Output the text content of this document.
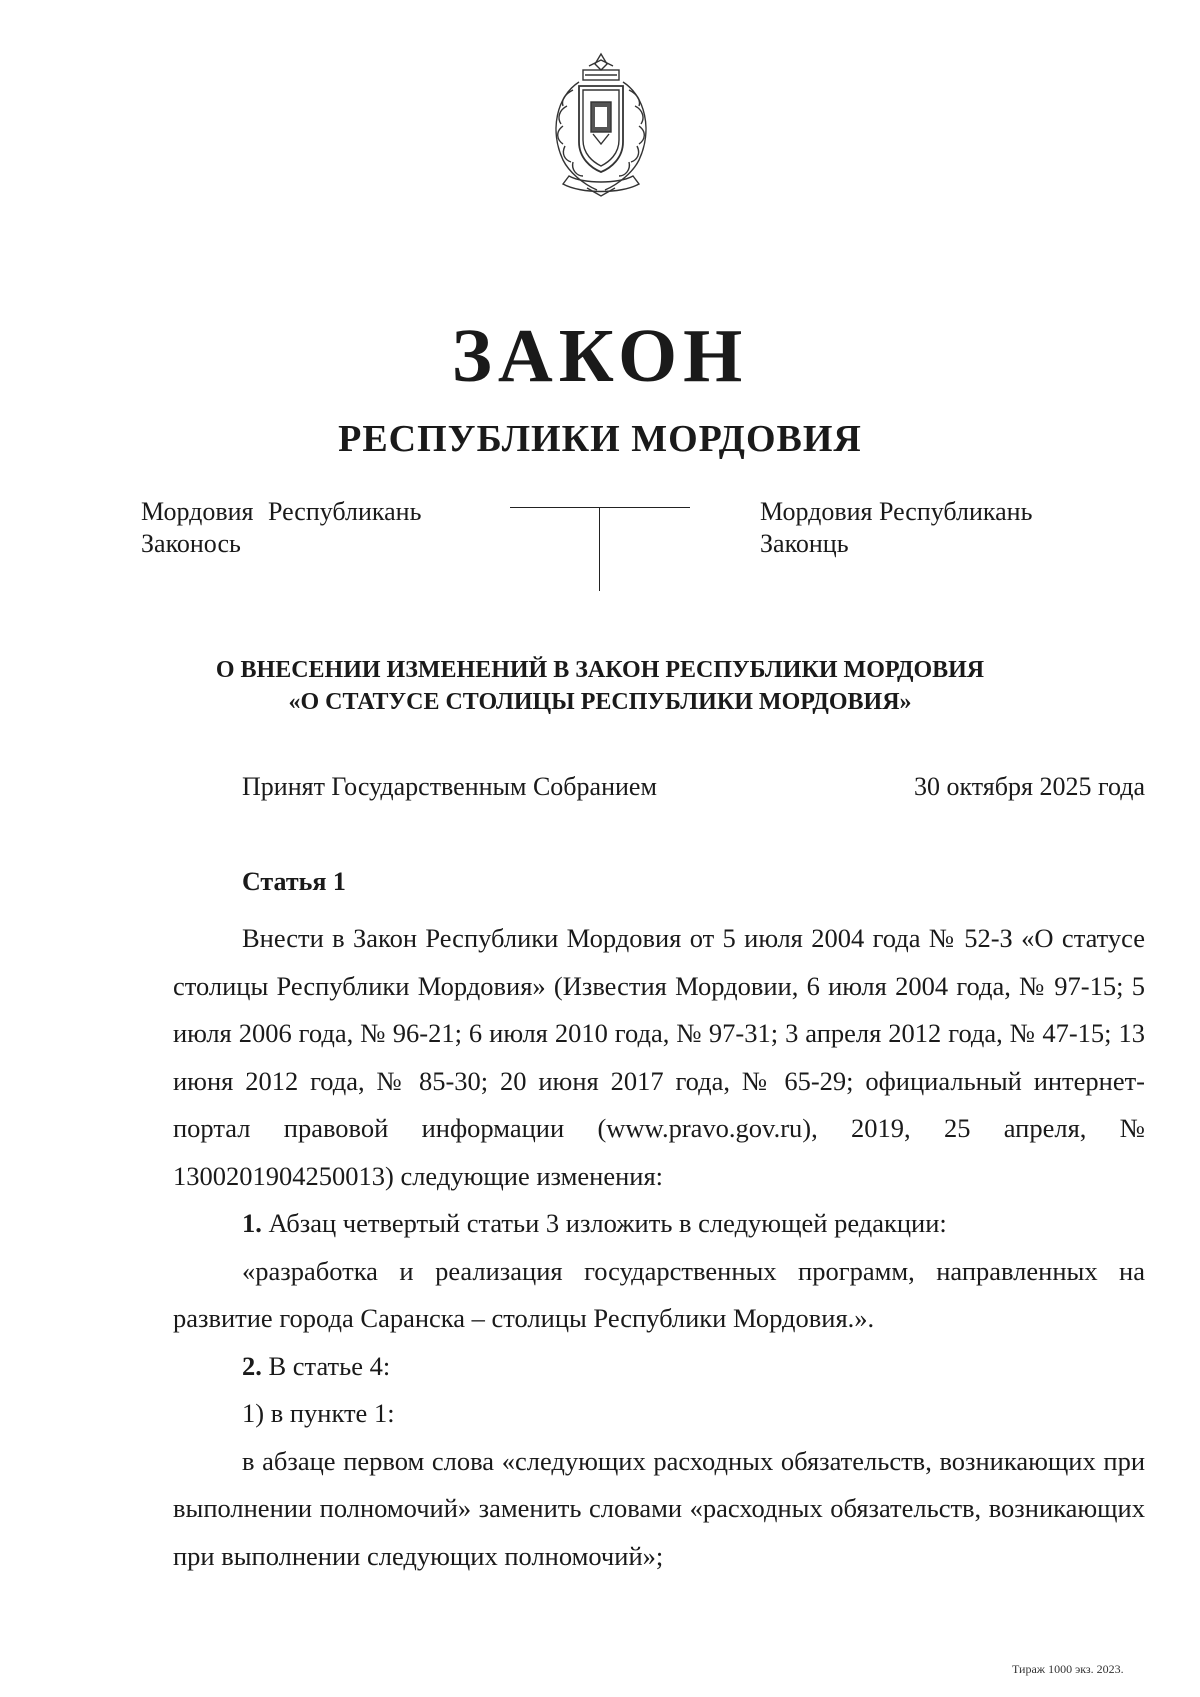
ЗАКОН
РЕСПУБЛИКИ МОРДОВИЯ
Мордовия Республикань
Законось
Мордовия Республикань
Законць
О ВНЕСЕНИИ ИЗМЕНЕНИЙ В ЗАКОН РЕСПУБЛИКИ МОРДОВИЯ
«О СТАТУСЕ СТОЛИЦЫ РЕСПУБЛИКИ МОРДОВИЯ»
Принят Государственным Собранием	30 октября 2025 года
Статья 1

Внести в Закон Республики Мордовия от 5 июля 2004 года № 52-З «О статусе столицы Республики Мордовия» (Известия Мордовии, 6 июля 2004 года, № 97-15; 5 июля 2006 года, № 96-21; 6 июля 2010 года, № 97-31; 3 апреля 2012 года, № 47-15; 13 июня 2012 года, № 85-30; 20 июня 2017 года, № 65-29; официальный интернет-портал правовой информации (www.pravo.gov.ru), 2019, 25 апреля, № 1300201904250013) следующие изменения:

1. Абзац четвертый статьи 3 изложить в следующей редакции:

«разработка и реализация государственных программ, направленных на развитие города Саранска – столицы Республики Мордовия.».

2. В статье 4:

1) в пункте 1:

в абзаце первом слова «следующих расходных обязательств, возникающих при выполнении полномочий» заменить словами «расходных обязательств, возникающих при выполнении следующих полномочий»;

Тираж 1000 экз. 2023.
